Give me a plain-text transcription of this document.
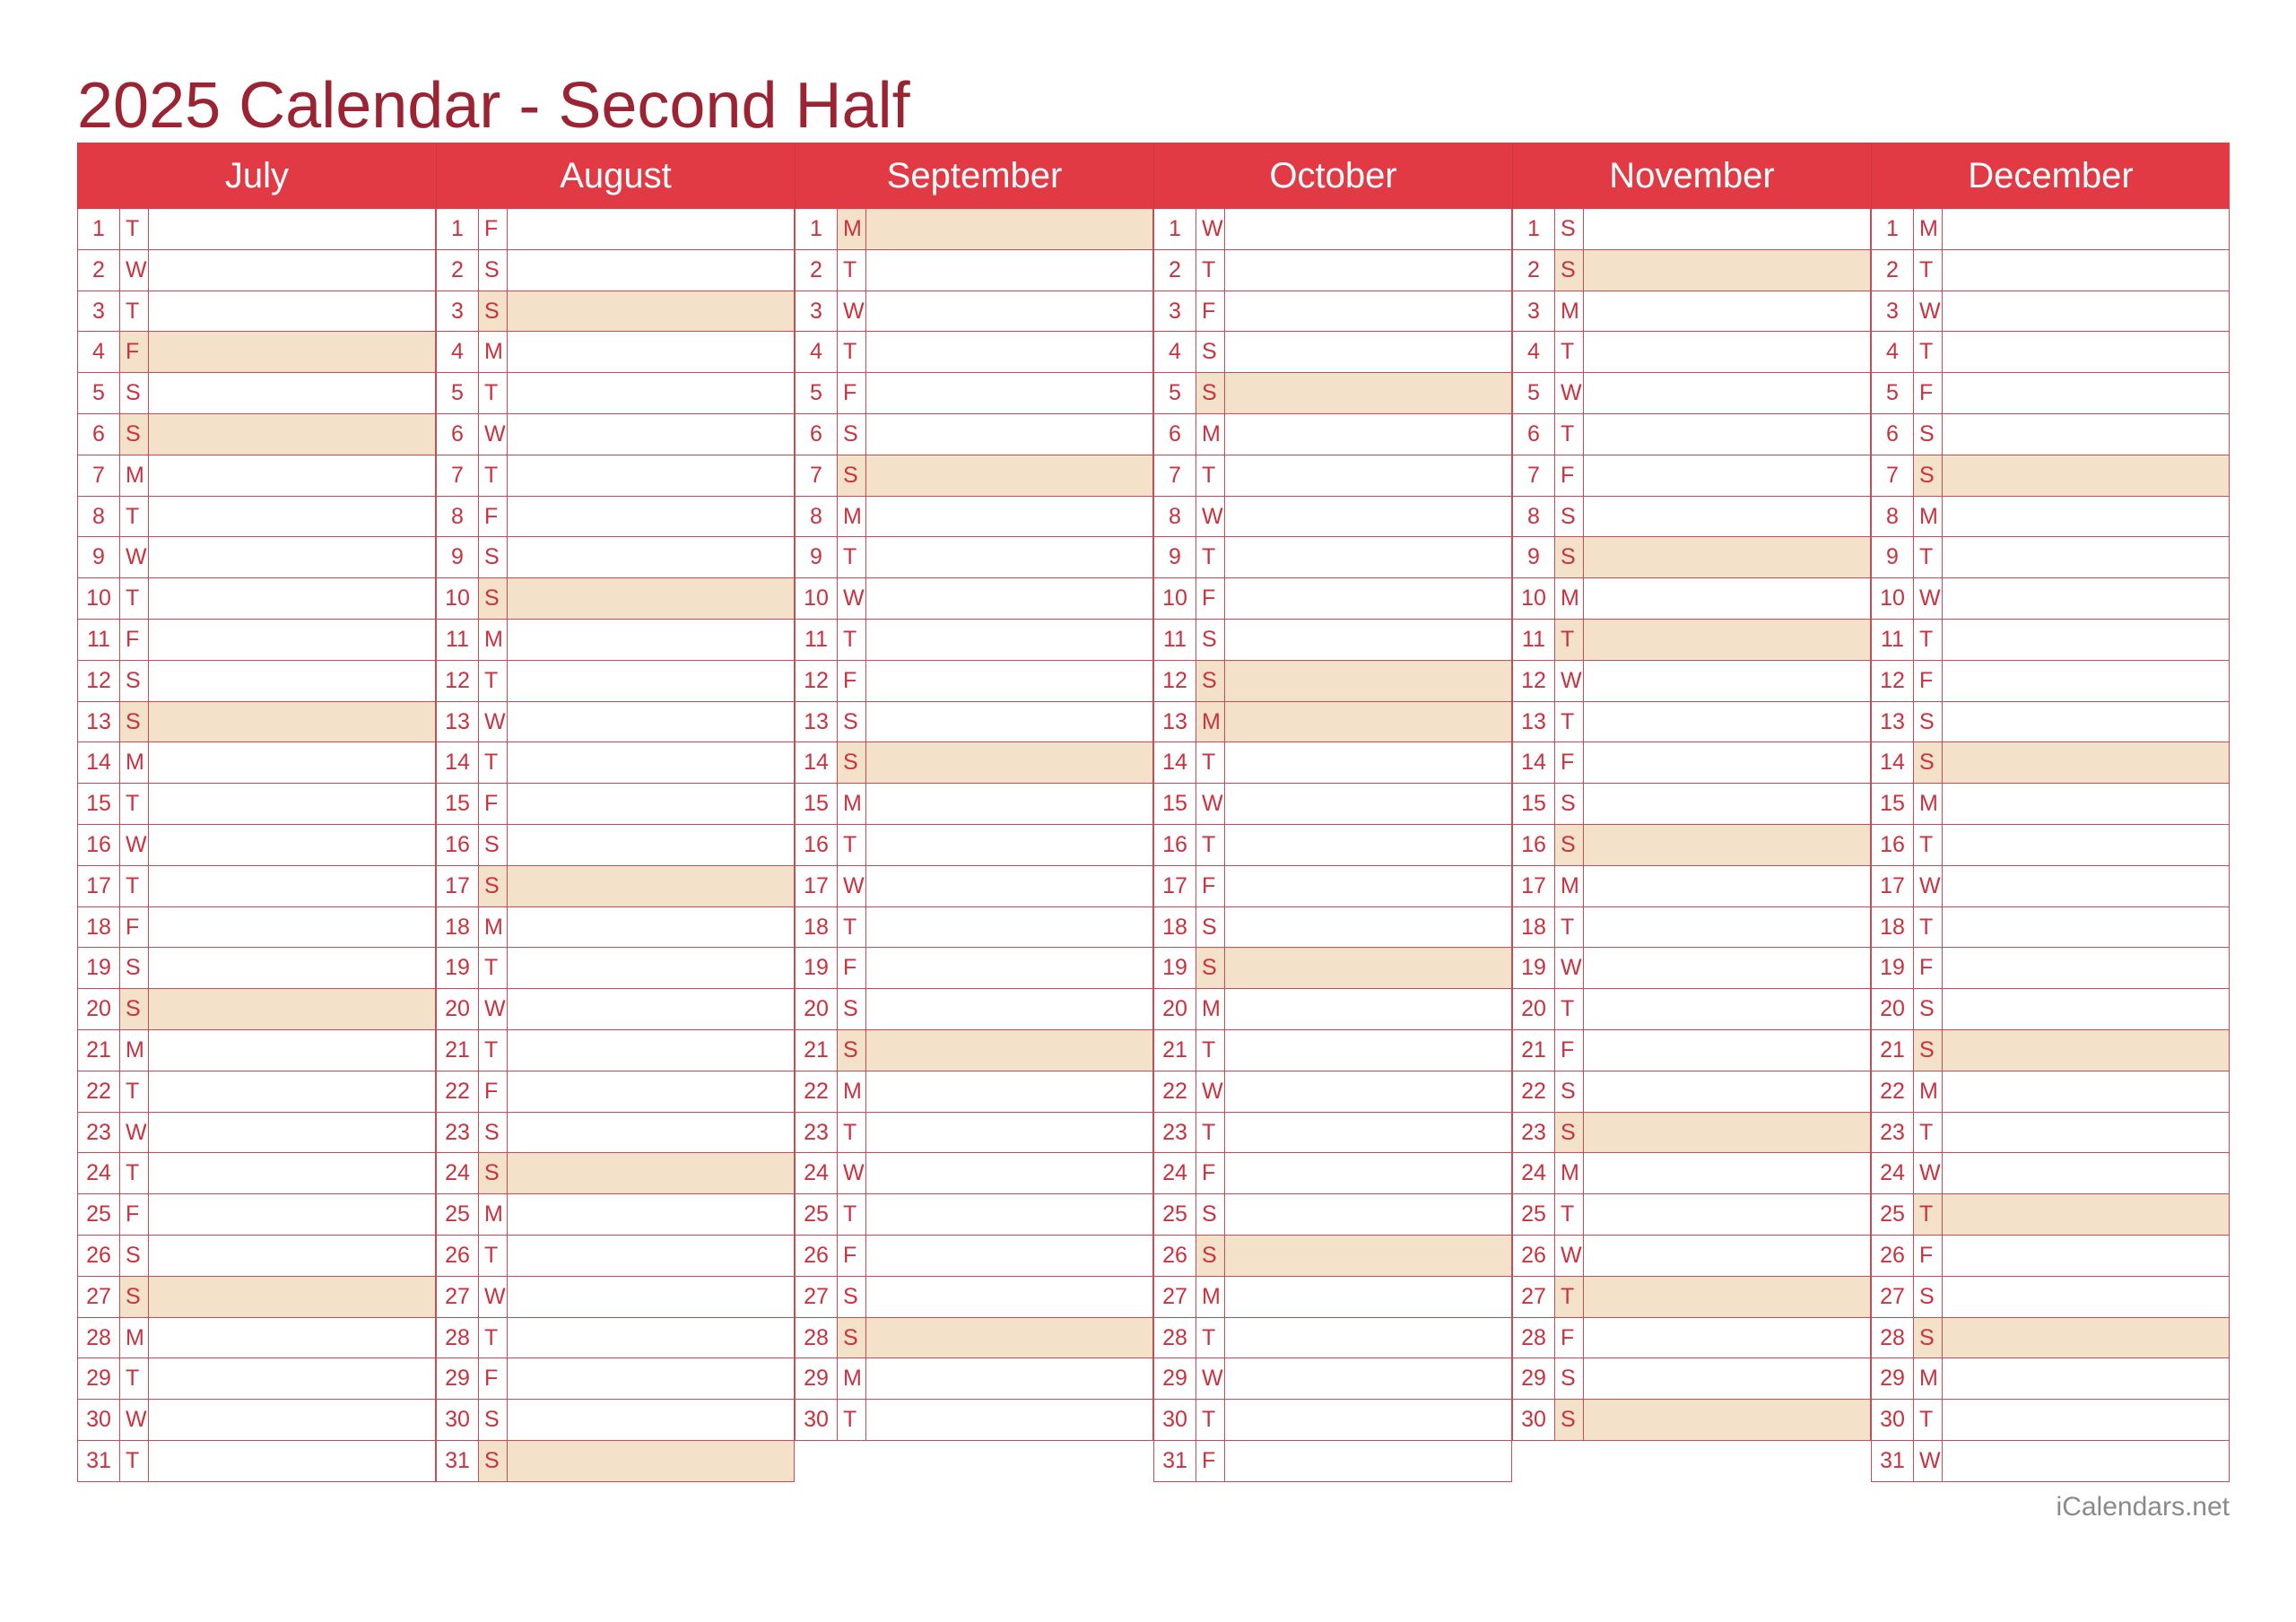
2025 Calendar - Second Half
July
1 T
2 W
3 T
4 F
5 S
6 S
7 M
8 T
9 W
10 T
11 F
12 S
13 S
14 M
15 T
16 W
17 T
18 F
19 S
20 S
21 M
22 T
23 W
24 T
25 F
26 S
27 S
28 M
29 T
30 W
31 T
August
1 F
2 S
3 S
4 M
5 T
6 W
7 T
8 F
9 S
10 S
11 M
12 T
13 W
14 T
15 F
16 S
17 S
18 M
19 T
20 W
21 T
22 F
23 S
24 S
25 M
26 T
27 W
28 T
29 F
30 S
31 S
September
1 M
2 T
3 W
4 T
5 F
6 S
7 S
8 M
9 T
10 W
11 T
12 F
13 S
14 S
15 M
16 T
17 W
18 T
19 F
20 S
21 S
22 M
23 T
24 W
25 T
26 F
27 S
28 S
29 M
30 T
October
1 W
2 T
3 F
4 S
5 S
6 M
7 T
8 W
9 T
10 F
11 S
12 S
13 M
14 T
15 W
16 T
17 F
18 S
19 S
20 M
21 T
22 W
23 T
24 F
25 S
26 S
27 M
28 T
29 W
30 T
31 F
November
1 S
2 S
3 M
4 T
5 W
6 T
7 F
8 S
9 S
10 M
11 T
12 W
13 T
14 F
15 S
16 S
17 M
18 T
19 W
20 T
21 F
22 S
23 S
24 M
25 T
26 W
27 T
28 F
29 S
30 S
December
1 M
2 T
3 W
4 T
5 F
6 S
7 S
8 M
9 T
10 W
11 T
12 F
13 S
14 S
15 M
16 T
17 W
18 T
19 F
20 S
21 S
22 M
23 T
24 W
25 T
26 F
27 S
28 S
29 M
30 T
31 W
iCalendars.net
